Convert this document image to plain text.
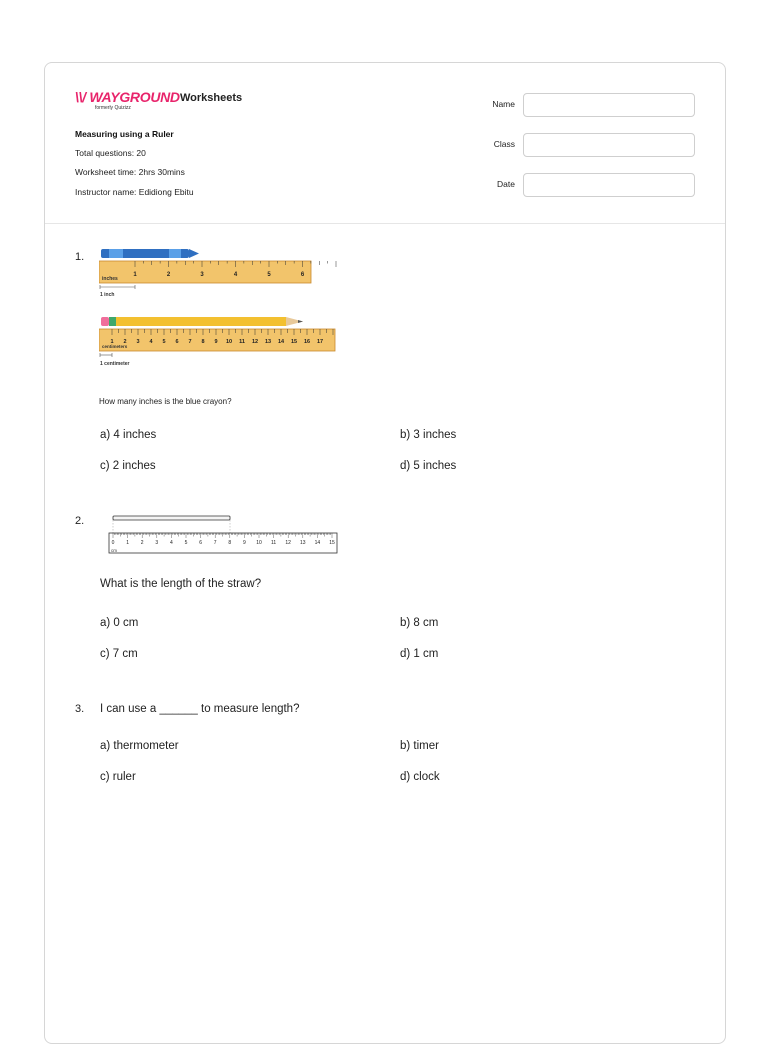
\\/ WAYGROUND
formerly Quizizz
Worksheets
Measuring using a Ruler
Total questions: 20
Worksheet time: 2hrs 30mins
Instructor name: Edidiong Ebitu
Name
Class
Date
1.
inches
1	2	3	4	5	6
1 inch
centimeters
1 2 3 4 5 6 7 8 9 10 11 12 13 14 15 16 17
1 centimeter
How many inches is the blue crayon?
a) 4 inches	b) 3 inches
c) 2 inches	d) 5 inches
2.
0 1 2 3 4 5 6 7 8 9 10 11 12 13 14 15
cm
What is the length of the straw?
a) 0 cm	b) 8 cm
c) 7 cm	d) 1 cm
3. I can use a ______ to measure length?
a) thermometer	b) timer
c) ruler	d) clock
